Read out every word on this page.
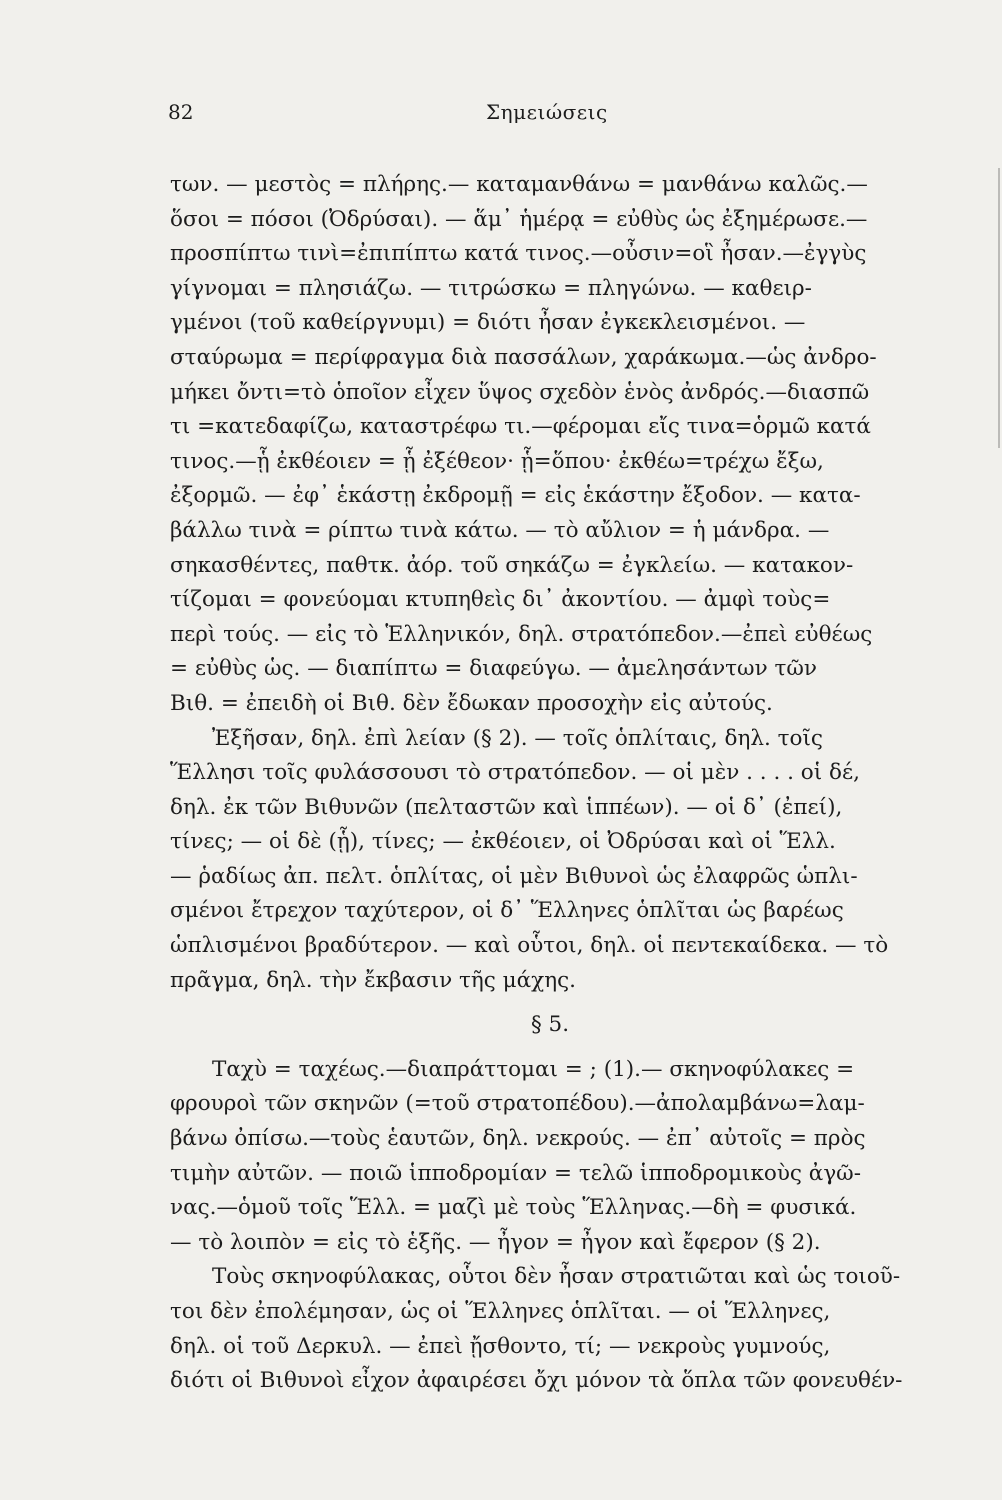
82	Σημειώσεις
των. — μεστὸς = πλήρης.— καταμανθάνω = μανθάνω καλῶς.—
ὅσοι = πόσοι (Ὀδρύσαι). — ἅμ᾽ ἡμέρᾳ = εὐθὺς ὡς ἐξημέρωσε.—
προσπίπτω τινὶ=ἐπιπίπτω κατά τινος.—οὖσιν=οἳ ἦσαν.—ἐγγὺς
γίγνομαι = πλησιάζω. — τιτρώσκω = πληγώνω. — καθειρ-
γμένοι (τοῦ καθείργνυμι) = διότι ἦσαν ἐγκεκλεισμένοι. —
σταύρωμα = περίφραγμα διὰ πασσάλων, χαράκωμα.—ὡς ἀνδρο-
μήκει ὄντι=τὸ ὁποῖον εἶχεν ὕψος σχεδὸν ἑνὸς ἀνδρός.—διασπῶ
τι =κατεδαφίζω, καταστρέφω τι.—φέρομαι εἴς τινα=ὁρμῶ κατά
τινος.—ᾗ ἐκθέοιεν = ᾗ ἐξέθεον· ᾗ=ὅπου· ἐκθέω=τρέχω ἔξω,
ἐξορμῶ. — ἐφ᾽ ἑκάστῃ ἐκδρομῇ = εἰς ἑκάστην ἔξοδον. — κατα-
βάλλω τινὰ = ρίπτω τινὰ κάτω. — τὸ αὔλιον = ἡ μάνδρα. —
σηκασθέντες, παθτκ. ἀόρ. τοῦ σηκάζω = ἐγκλείω. — κατακον-
τίζομαι = φονεύομαι κτυπηθεὶς δι᾽ ἀκοντίου. — ἀμφὶ τοὺς=
περὶ τούς. — εἰς τὸ Ἑλληνικόν, δηλ. στρατόπεδον.—ἐπεὶ εὐθέως
= εὐθὺς ὡς. — διαπίπτω = διαφεύγω. — ἀμελησάντων τῶν
Βιθ. = ἐπειδὴ οἱ Βιθ. δὲν ἔδωκαν προσοχὴν εἰς αὐτούς.
Ἐξῆσαν, δηλ. ἐπὶ λείαν (§ 2). — τοῖς ὁπλίταις, δηλ. τοῖς
Ἕλλησι τοῖς φυλάσσουσι τὸ στρατόπεδον. — οἱ μὲν . . . . οἱ δέ,
δηλ. ἐκ τῶν Βιθυνῶν (πελταστῶν καὶ ἱππέων). — οἱ δ᾽ (ἐπεί),
τίνες; — οἱ δὲ (ᾗ), τίνες; — ἐκθέοιεν, οἱ Ὀδρύσαι καὶ οἱ Ἕλλ.
— ῥαδίως ἀπ. πελτ. ὁπλίτας, οἱ μὲν Βιθυνοὶ ὡς ἐλαφρῶς ὡπλι-
σμένοι ἔτρεχον ταχύτερον, οἱ δ᾽ Ἕλληνες ὁπλῖται ὡς βαρέως
ὡπλισμένοι βραδύτερον. — καὶ οὗτοι, δηλ. οἱ πεντεκαίδεκα. — τὸ
πρᾶγμα, δηλ. τὴν ἔκβασιν τῆς μάχης.
§ 5.
Ταχὺ = ταχέως.—διαπράττομαι = ; (1).— σκηνοφύλακες =
φρουροὶ τῶν σκηνῶν (=τοῦ στρατοπέδου).—ἀπολαμβάνω=λαμ-
βάνω ὀπίσω.—τοὺς ἑαυτῶν, δηλ. νεκρούς. — ἐπ᾽ αὐτοῖς = πρὸς
τιμὴν αὐτῶν. — ποιῶ ἱπποδρομίαν = τελῶ ἱπποδρομικοὺς ἀγῶ-
νας.—ὁμοῦ τοῖς Ἕλλ. = μαζὶ μὲ τοὺς Ἕλληνας.—δὴ = φυσικά.
— τὸ λοιπὸν = εἰς τὸ ἑξῆς. — ἦγον = ἦγον καὶ ἔφερον (§ 2).
Τοὺς σκηνοφύλακας, οὗτοι δὲν ἦσαν στρατιῶται καὶ ὡς τοιοῦ-
τοι δὲν ἐπολέμησαν, ὡς οἱ Ἕλληνες ὁπλῖται. — οἱ Ἕλληνες,
δηλ. οἱ τοῦ Δερκυλ. — ἐπεὶ ᾔσθοντο, τί; — νεκροὺς γυμνούς,
διότι οἱ Βιθυνοὶ εἶχον ἀφαιρέσει ὄχι μόνον τὰ ὅπλα τῶν φονευθέν-
